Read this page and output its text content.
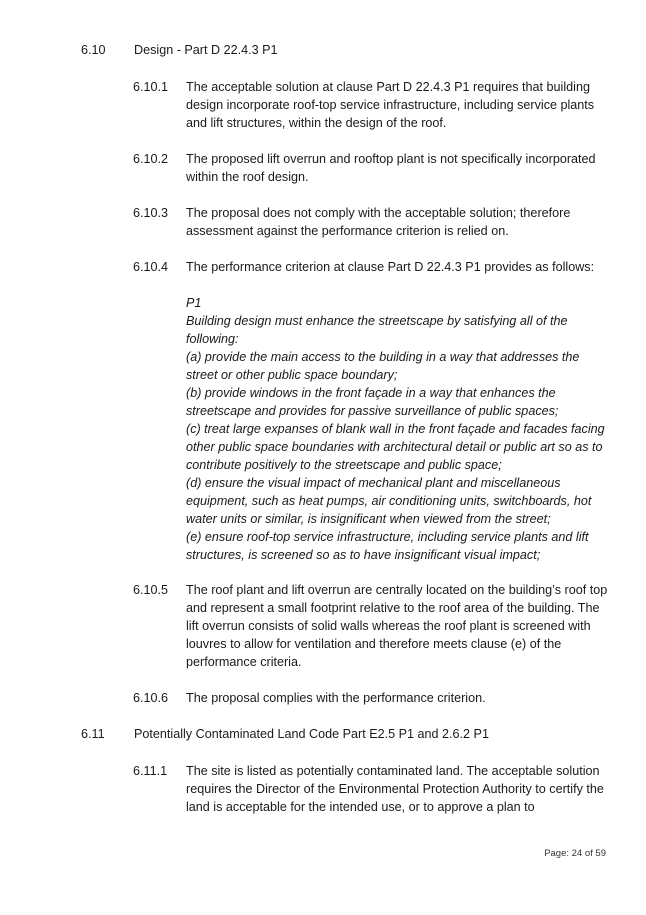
6.10	Design - Part D 22.4.3 P1
6.10.1	The acceptable solution at clause Part D 22.4.3 P1 requires that building design incorporate roof-top service infrastructure, including service plants and lift structures, within the design of the roof.
6.10.2	The proposed lift overrun and rooftop plant is not specifically incorporated within the roof design.
6.10.3	The proposal does not comply with the acceptable solution; therefore assessment against the performance criterion is relied on.
6.10.4	The performance criterion at clause Part D 22.4.3 P1 provides as follows:
P1
Building design must enhance the streetscape by satisfying all of the following:
(a) provide the main access to the building in a way that addresses the street or other public space boundary;
(b) provide windows in the front façade in a way that enhances the streetscape and provides for passive surveillance of public spaces;
(c) treat large expanses of blank wall in the front façade and facades facing other public space boundaries with architectural detail or public art so as to contribute positively to the streetscape and public space;
(d) ensure the visual impact of mechanical plant and miscellaneous equipment, such as heat pumps, air conditioning units, switchboards, hot water units or similar, is insignificant when viewed from the street;
(e) ensure roof-top service infrastructure, including service plants and lift structures, is screened so as to have insignificant visual impact;
6.10.5	The roof plant and lift overrun are centrally located on the building’s roof top and represent a small footprint relative to the roof area of the building. The lift overrun consists of solid walls whereas the roof plant is screened with louvres to allow for ventilation and therefore meets clause (e) of the performance criteria.
6.10.6	The proposal complies with the performance criterion.
6.11	Potentially Contaminated Land Code Part E2.5 P1 and 2.6.2 P1
6.11.1	The site is listed as potentially contaminated land. The acceptable solution requires the Director of the Environmental Protection Authority to certify the land is acceptable for the intended use, or to approve a plan to
Page: 24 of 59
